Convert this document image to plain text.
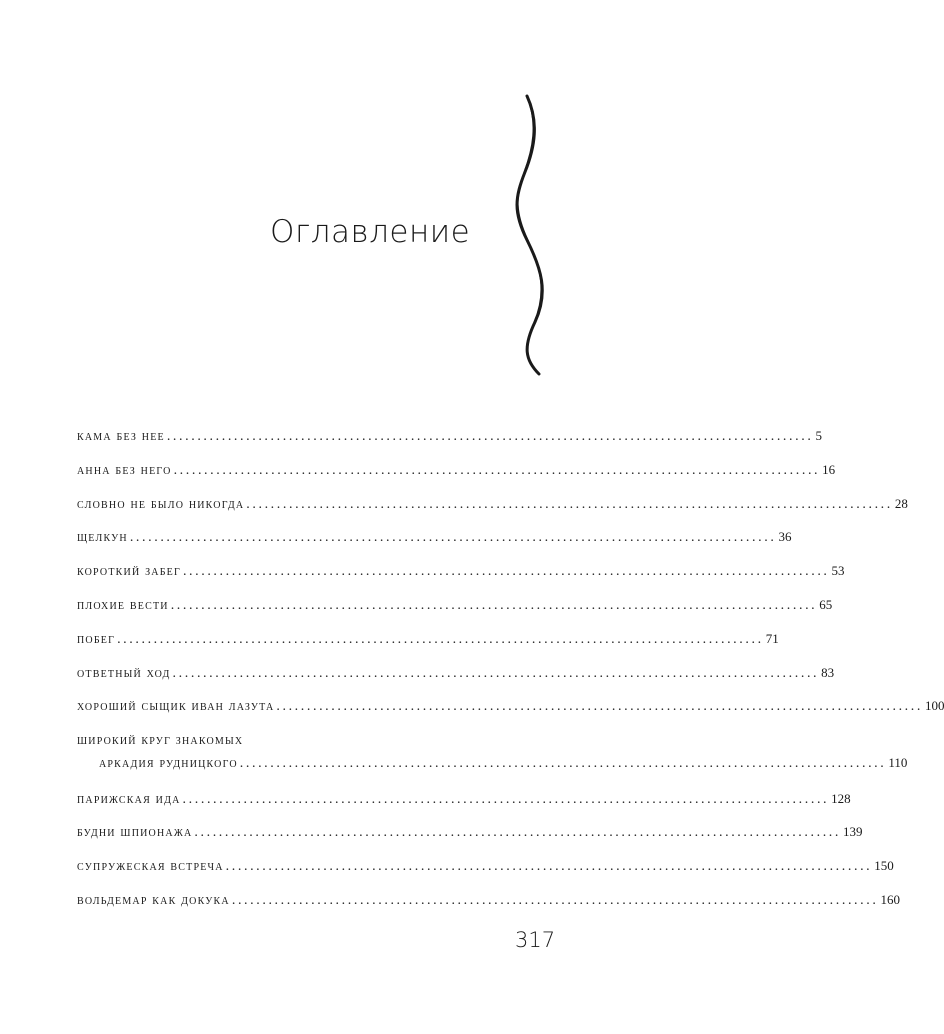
Оглавление
кама без нее .......................................................................................................... 5
анна без него .......................................................................................................... 16
словно не было никогда .......................................................................................................... 28
щелкун .......................................................................................................... 36
короткий забег .......................................................................................................... 53
плохие вести .......................................................................................................... 65
побег .......................................................................................................... 71
ответный ход .......................................................................................................... 83
хороший сыщик иван лазута .......................................................................................................... 100
широкий круг знакомых
аркадия рудницкого .......................................................................................................... 110
парижская ида .......................................................................................................... 128
будни шпионажа .......................................................................................................... 139
супружеская встреча .......................................................................................................... 150
вольдемар как докука .......................................................................................................... 160
317
